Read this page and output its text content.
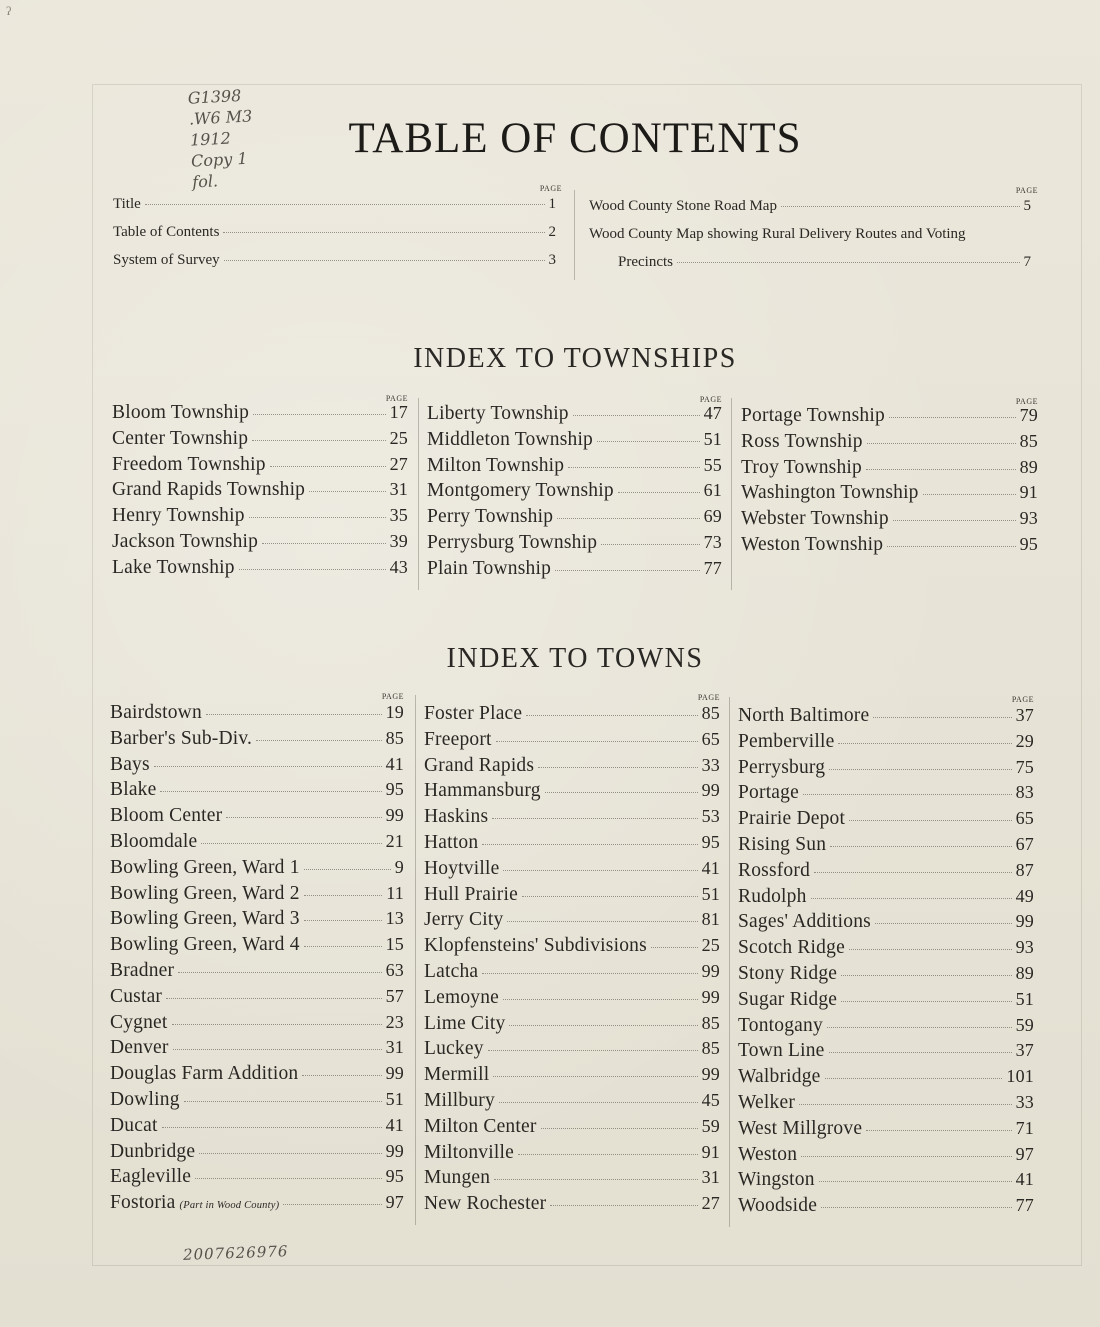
ʔ
G1398
.W6 M3
1912
Copy 1
fol.
TABLE OF CONTENTS
PAGE
Title	1
Table of Contents	2
System of Survey	3
PAGE
Wood County Stone Road Map	5
Wood County Map showing Rural Delivery Routes and Voting
Precincts	7
INDEX TO TOWNSHIPS
PAGE
Bloom Township	17
Center Township	25
Freedom Township	27
Grand Rapids Township	31
Henry Township	35
Jackson Township	39
Lake Township	43
PAGE
Liberty Township	47
Middleton Township	51
Milton Township	55
Montgomery Township	61
Perry Township	69
Perrysburg Township	73
Plain Township	77
PAGE
Portage Township	79
Ross Township	85
Troy Township	89
Washington Township	91
Webster Township	93
Weston Township	95
INDEX TO TOWNS
PAGE
Bairdstown	19
Barber's Sub-Div.	85
Bays	41
Blake	95
Bloom Center	99
Bloomdale	21
Bowling Green, Ward 1	9
Bowling Green, Ward 2	11
Bowling Green, Ward 3	13
Bowling Green, Ward 4	15
Bradner	63
Custar	57
Cygnet	23
Denver	31
Douglas Farm Addition	99
Dowling	51
Ducat	41
Dunbridge	99
Eagleville	95
Fostoria (Part in Wood County)	97
PAGE
Foster Place	85
Freeport	65
Grand Rapids	33
Hammansburg	99
Haskins	53
Hatton	95
Hoytville	41
Hull Prairie	51
Jerry City	81
Klopfensteins' Subdivisions	25
Latcha	99
Lemoyne	99
Lime City	85
Luckey	85
Mermill	99
Millbury	45
Milton Center	59
Miltonville	91
Mungen	31
New Rochester	27
PAGE
North Baltimore	37
Pemberville	29
Perrysburg	75
Portage	83
Prairie Depot	65
Rising Sun	67
Rossford	87
Rudolph	49
Sages' Additions	99
Scotch Ridge	93
Stony Ridge	89
Sugar Ridge	51
Tontogany	59
Town Line	37
Walbridge	101
Welker	33
West Millgrove	71
Weston	97
Wingston	41
Woodside	77
2007626976
